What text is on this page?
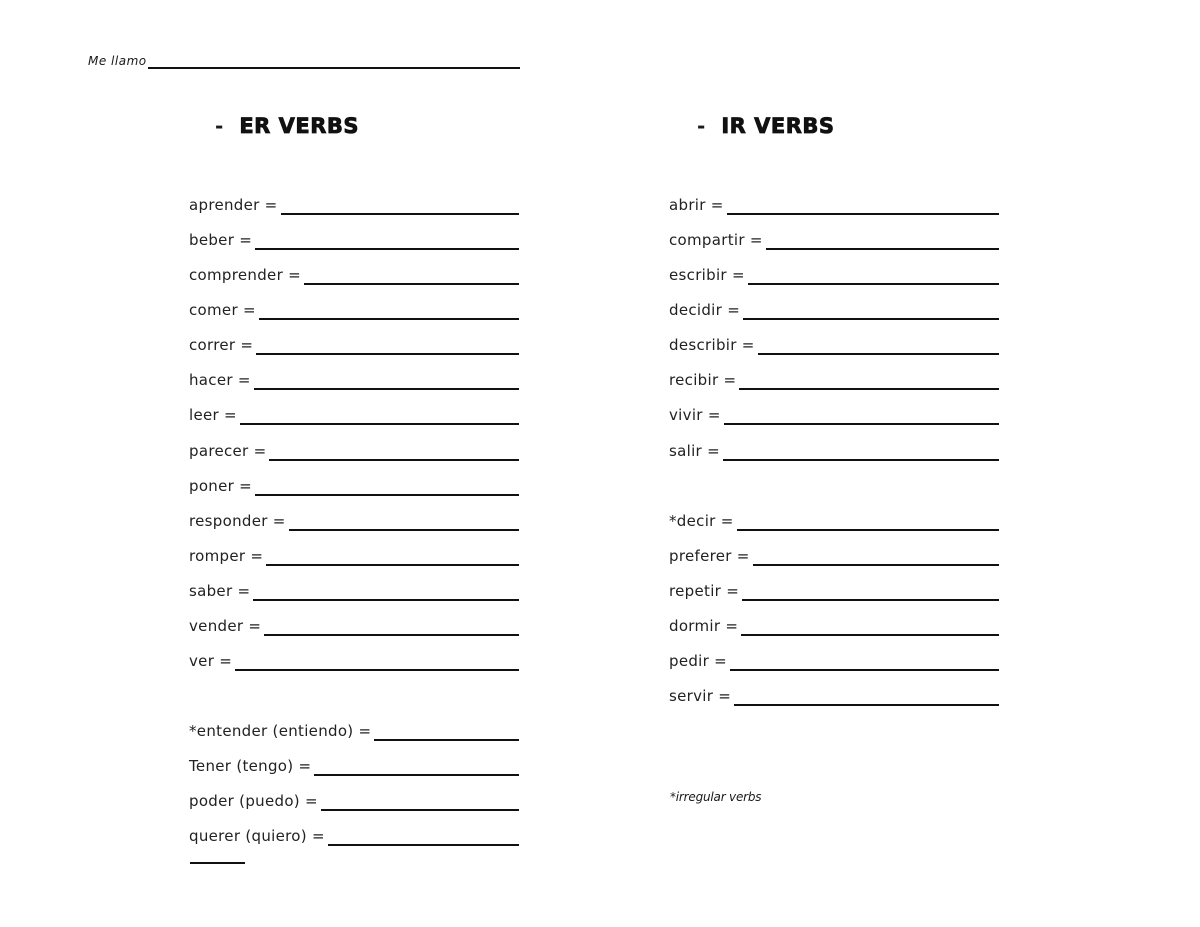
Me llamo
- ER VERBS	- IR VERBS
aprender =
beber =
comprender =
comer =
correr =
hacer =
leer =
parecer =
poner =
responder =
romper =
saber =
vender =
ver =
*entender (entiendo) =
Tener (tengo) =
poder (puedo) =
querer (quiero) =
abrir =
compartir =
escribir =
decidir =
describir =
recibir =
vivir =
salir =
*decir =
preferer =
repetir =
dormir =
pedir =
servir =
*irregular verbs
